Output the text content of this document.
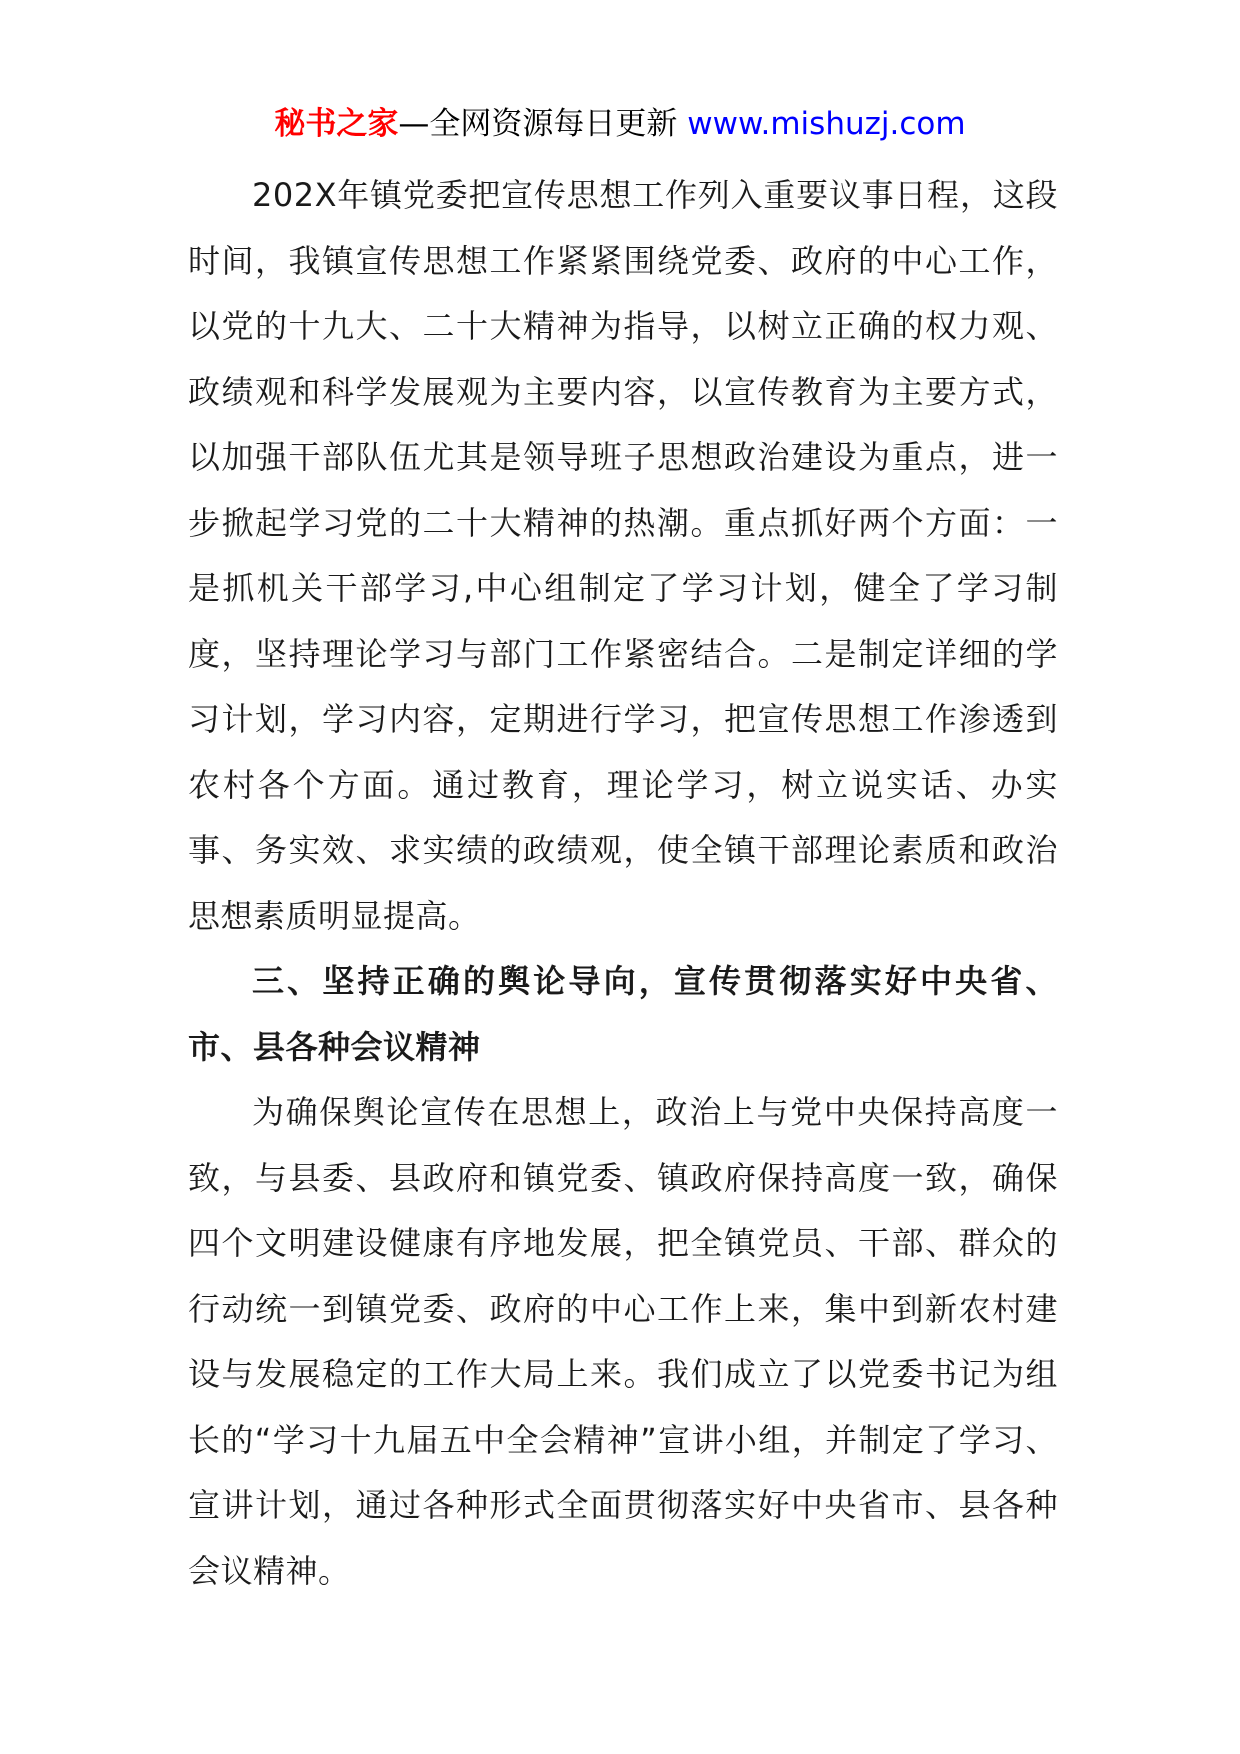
秘书之家—全网资源每日更新 www.mishuzj.com

202X年镇党委把宣传思想工作列入重要议事日程，这段时间，我镇宣传思想工作紧紧围绕党委、政府的中心工作，以党的十九大、二十大精神为指导，以树立正确的权力观、政绩观和科学发展观为主要内容，以宣传教育为主要方式，以加强干部队伍尤其是领导班子思想政治建设为重点，进一步掀起学习党的二十大精神的热潮。重点抓好两个方面：一是抓机关干部学习,中心组制定了学习计划，健全了学习制度，坚持理论学习与部门工作紧密结合。二是制定详细的学习计划，学习内容，定期进行学习，把宣传思想工作渗透到农村各个方面。通过教育，理论学习，树立说实话、办实事、务实效、求实绩的政绩观，使全镇干部理论素质和政治思想素质明显提高。

三、坚持正确的舆论导向，宣传贯彻落实好中央省、市、县各种会议精神

为确保舆论宣传在思想上，政治上与党中央保持高度一致，与县委、县政府和镇党委、镇政府保持高度一致，确保四个文明建设健康有序地发展，把全镇党员、干部、群众的行动统一到镇党委、政府的中心工作上来，集中到新农村建设与发展稳定的工作大局上来。我们成立了以党委书记为组长的“学习十九届五中全会精神”宣讲小组，并制定了学习、宣讲计划，通过各种形式全面贯彻落实好中央省市、县各种会议精神。
